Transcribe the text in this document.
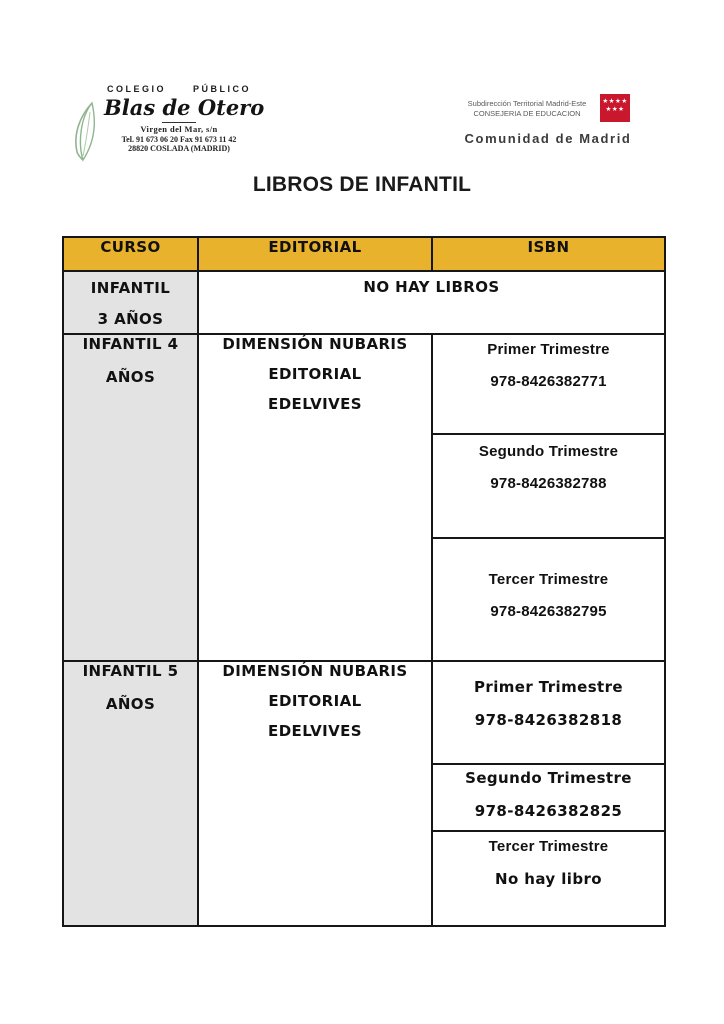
COLEGIO PÚBLICO
Blas de Otero
Virgen del Mar, s/n
Tel. 91 673 06 20 Fax 91 673 11 42
28820 COSLADA (MADRID)
Subdirección Territorial Madrid-Este
CONSEJERIA DE EDUCACION
★★★★
★★★
Comunidad de Madrid
LIBROS DE INFANTIL
CURSO	EDITORIAL	ISBN

INFANTIL
3 AÑOS	NO HAY LIBROS	

INFANTIL 4
AÑOS	DIMENSIÓN NUBARIS
EDITORIAL
EDELVIVES	Primer Trimestre
978-8426382771

		Segundo Trimestre
978-8426382788

		Tercer Trimestre
978-8426382795

INFANTIL 5
AÑOS	DIMENSIÓN NUBARIS
EDITORIAL
EDELVIVES	Primer Trimestre
978-8426382818

		Segundo Trimestre
978-8426382825

		Tercer Trimestre
No hay libro
